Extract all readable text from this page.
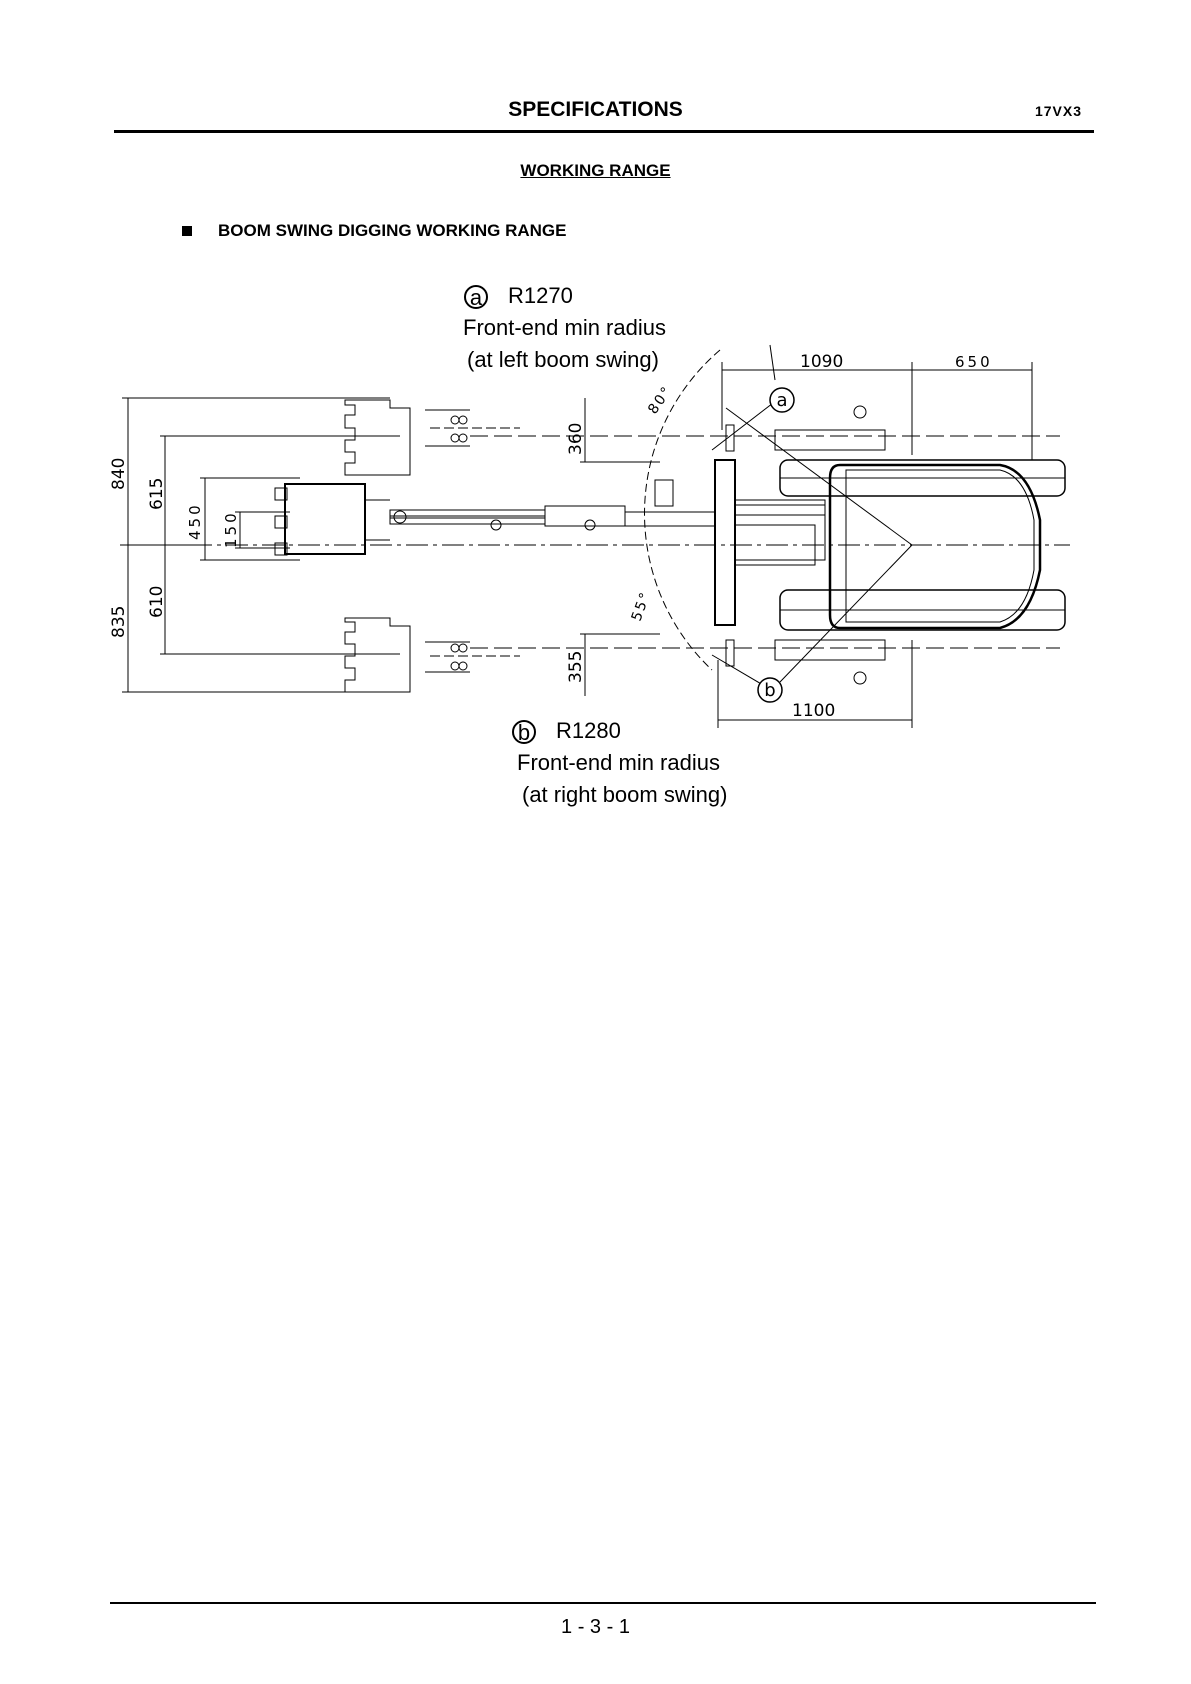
SPECIFICATIONS	17VX3
WORKING RANGE
BOOM SWING DIGGING WORKING RANGE
a R1270
Front-end min radius
(at left boom swing)
b R1280
Front-end min radius
(at right boom swing)
a
b
840
615
450 150
835
610
360
355
1090	650
1100
80°
55°
1 - 3 - 1
